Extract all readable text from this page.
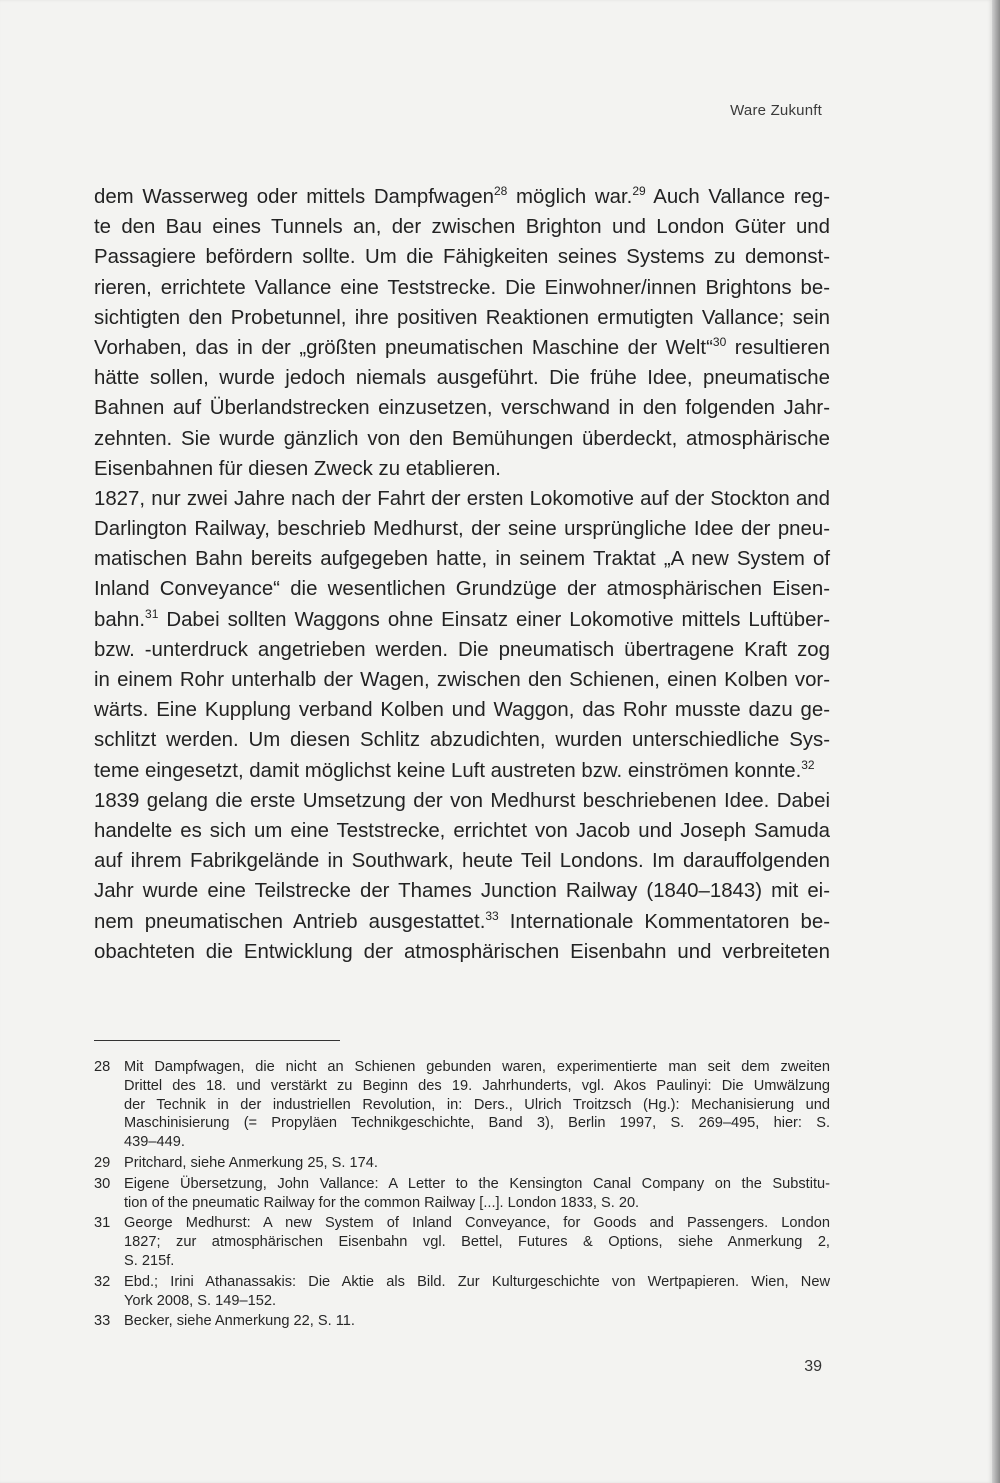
Ware Zukunft
dem Wasserweg oder mittels Dampfwagen$^{28}$ möglich war.$^{29}$ Auch Vallance reg-
te den Bau eines Tunnels an, der zwischen Brighton und London Güter und
Passagiere befördern sollte. Um die Fähigkeiten seines Systems zu demonst-
rieren, errichtete Vallance eine Teststrecke. Die Einwohner/innen Brightons be-
sichtigten den Probetunnel, ihre positiven Reaktionen ermutigten Vallance; sein
Vorhaben, das in der „größten pneumatischen Maschine der Welt“$^{30}$ resultieren
hätte sollen, wurde jedoch niemals ausgeführt. Die frühe Idee, pneumatische
Bahnen auf Überlandstrecken einzusetzen, verschwand in den folgenden Jahr-
zehnten. Sie wurde gänzlich von den Bemühungen überdeckt, atmosphärische
Eisenbahnen für diesen Zweck zu etablieren.
1827, nur zwei Jahre nach der Fahrt der ersten Lokomotive auf der Stockton and
Darlington Railway, beschrieb Medhurst, der seine ursprüngliche Idee der pneu-
matischen Bahn bereits aufgegeben hatte, in seinem Traktat „A new System of
Inland Conveyance“ die wesentlichen Grundzüge der atmosphärischen Eisen-
bahn.$^{31}$ Dabei sollten Waggons ohne Einsatz einer Lokomotive mittels Luftüber-
bzw. -unterdruck angetrieben werden. Die pneumatisch übertragene Kraft zog
in einem Rohr unterhalb der Wagen, zwischen den Schienen, einen Kolben vor-
wärts. Eine Kupplung verband Kolben und Waggon, das Rohr musste dazu ge-
schlitzt werden. Um diesen Schlitz abzudichten, wurden unterschiedliche Sys-
teme eingesetzt, damit möglichst keine Luft austreten bzw. einströmen konnte.$^{32}$
1839 gelang die erste Umsetzung der von Medhurst beschriebenen Idee. Dabei
handelte es sich um eine Teststrecke, errichtet von Jacob und Joseph Samuda
auf ihrem Fabrikgelände in Southwark, heute Teil Londons. Im darauffolgenden
Jahr wurde eine Teilstrecke der Thames Junction Railway (1840–1843) mit ei-
nem pneumatischen Antrieb ausgestattet.$^{33}$ Internationale Kommentatoren be-
obachteten die Entwicklung der atmosphärischen Eisenbahn und verbreiteten
28 Mit Dampfwagen, die nicht an Schienen gebunden waren, experimentierte man seit dem zweiten
Drittel des 18. und verstärkt zu Beginn des 19. Jahrhunderts, vgl. Akos Paulinyi: Die Umwälzung
der Technik in der industriellen Revolution, in: Ders., Ulrich Troitzsch (Hg.): Mechanisierung und
Maschinisierung (= Propyläen Technikgeschichte, Band 3), Berlin 1997, S. 269–495, hier: S.
439–449.
29 Pritchard, siehe Anmerkung 25, S. 174.
30 Eigene Übersetzung, John Vallance: A Letter to the Kensington Canal Company on the Substitu-
tion of the pneumatic Railway for the common Railway [...]. London 1833, S. 20.
31 George Medhurst: A new System of Inland Conveyance, for Goods and Passengers. London
1827; zur atmosphärischen Eisenbahn vgl. Bettel, Futures & Options, siehe Anmerkung 2,
S. 215f.
32 Ebd.; Irini Athanassakis: Die Aktie als Bild. Zur Kulturgeschichte von Wertpapieren. Wien, New
York 2008, S. 149–152.
33 Becker, siehe Anmerkung 22, S. 11.
39
